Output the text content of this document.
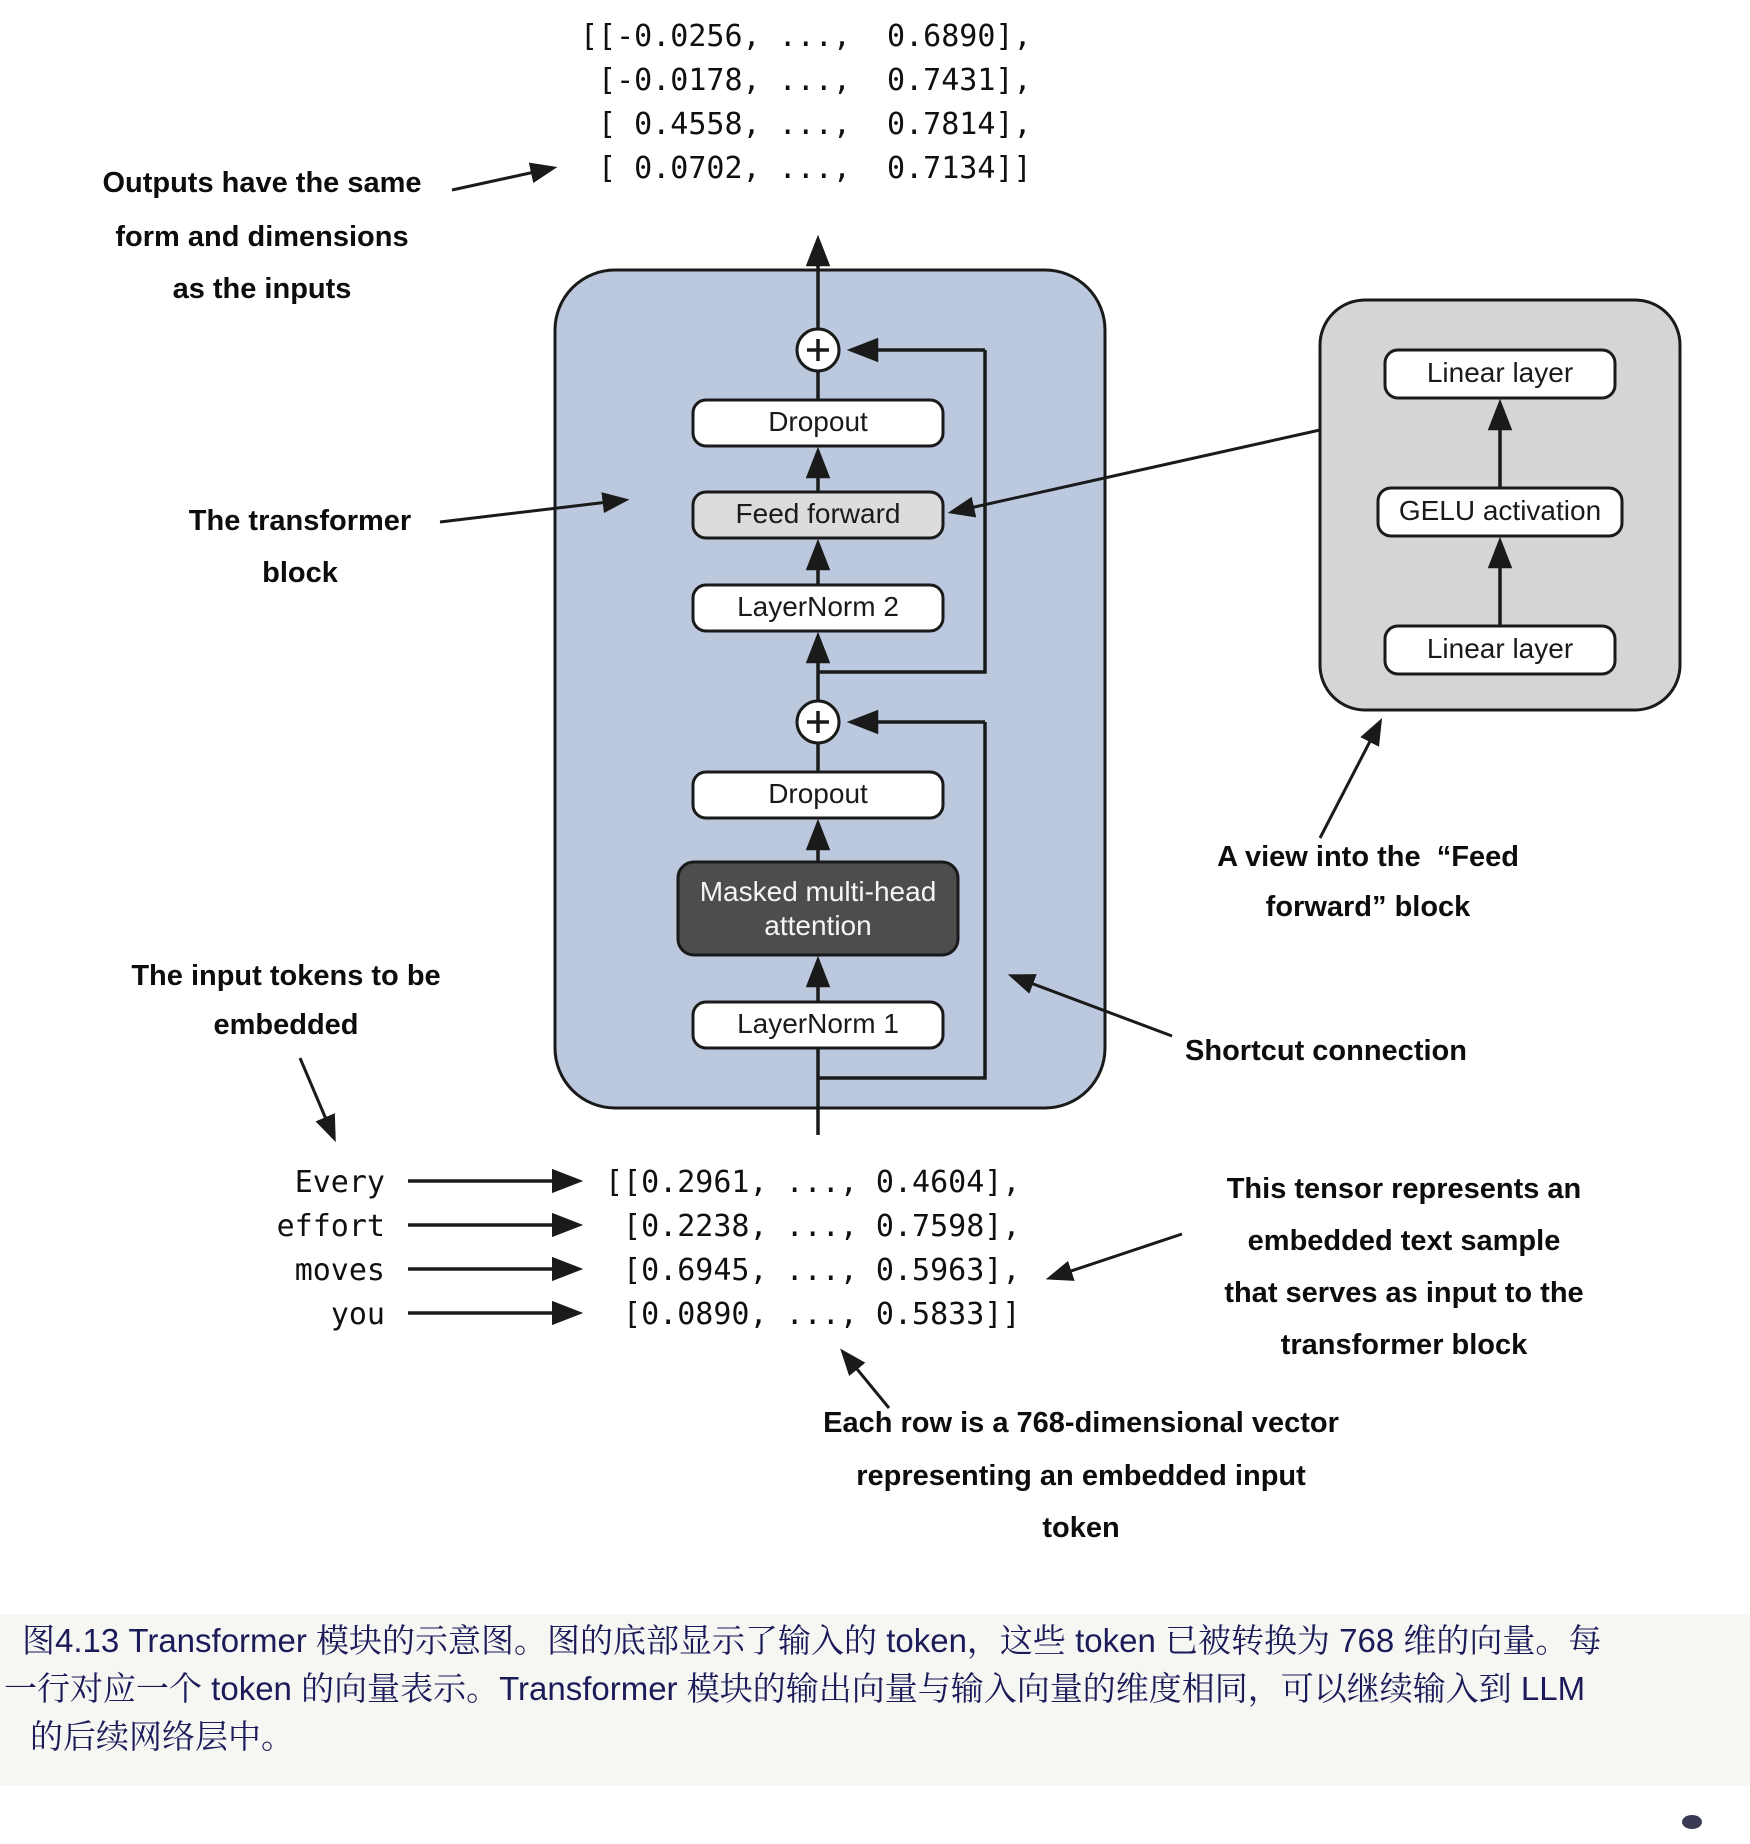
[[-0.0256, ...,  0.6890],
[-0.0178, ...,  0.7431],
[ 0.4558, ...,  0.7814],
[ 0.0702, ...,  0.7134]]
Outputs have the same
form and dimensions
as the inputs
Dropout
Feed forward
LayerNorm 2
Dropout
Masked multi-head
attention
LayerNorm 1
Linear layer
GELU activation
Linear layer
The transformer
block
The input tokens to be
embedded
A view into the  “Feed
forward” block
Shortcut connection
Every
effort
moves
you
[[0.2961, ..., 0.4604],
[0.2238, ..., 0.7598],
[0.6945, ..., 0.5963],
[0.0890, ..., 0.5833]]
This tensor represents an
embedded text sample
that serves as input to the
transformer block
Each row is a 768-dimensional vector
representing an embedded input
token
图4.13 Transformer 模块的示意图。图的底部显示了输入的 token，这些 token 已被转换为 768 维的向量。每
一行对应一个 token 的向量表示。Transformer 模块的输出向量与输入向量的维度相同，可以继续输入到 LLM
的后续网络层中。
